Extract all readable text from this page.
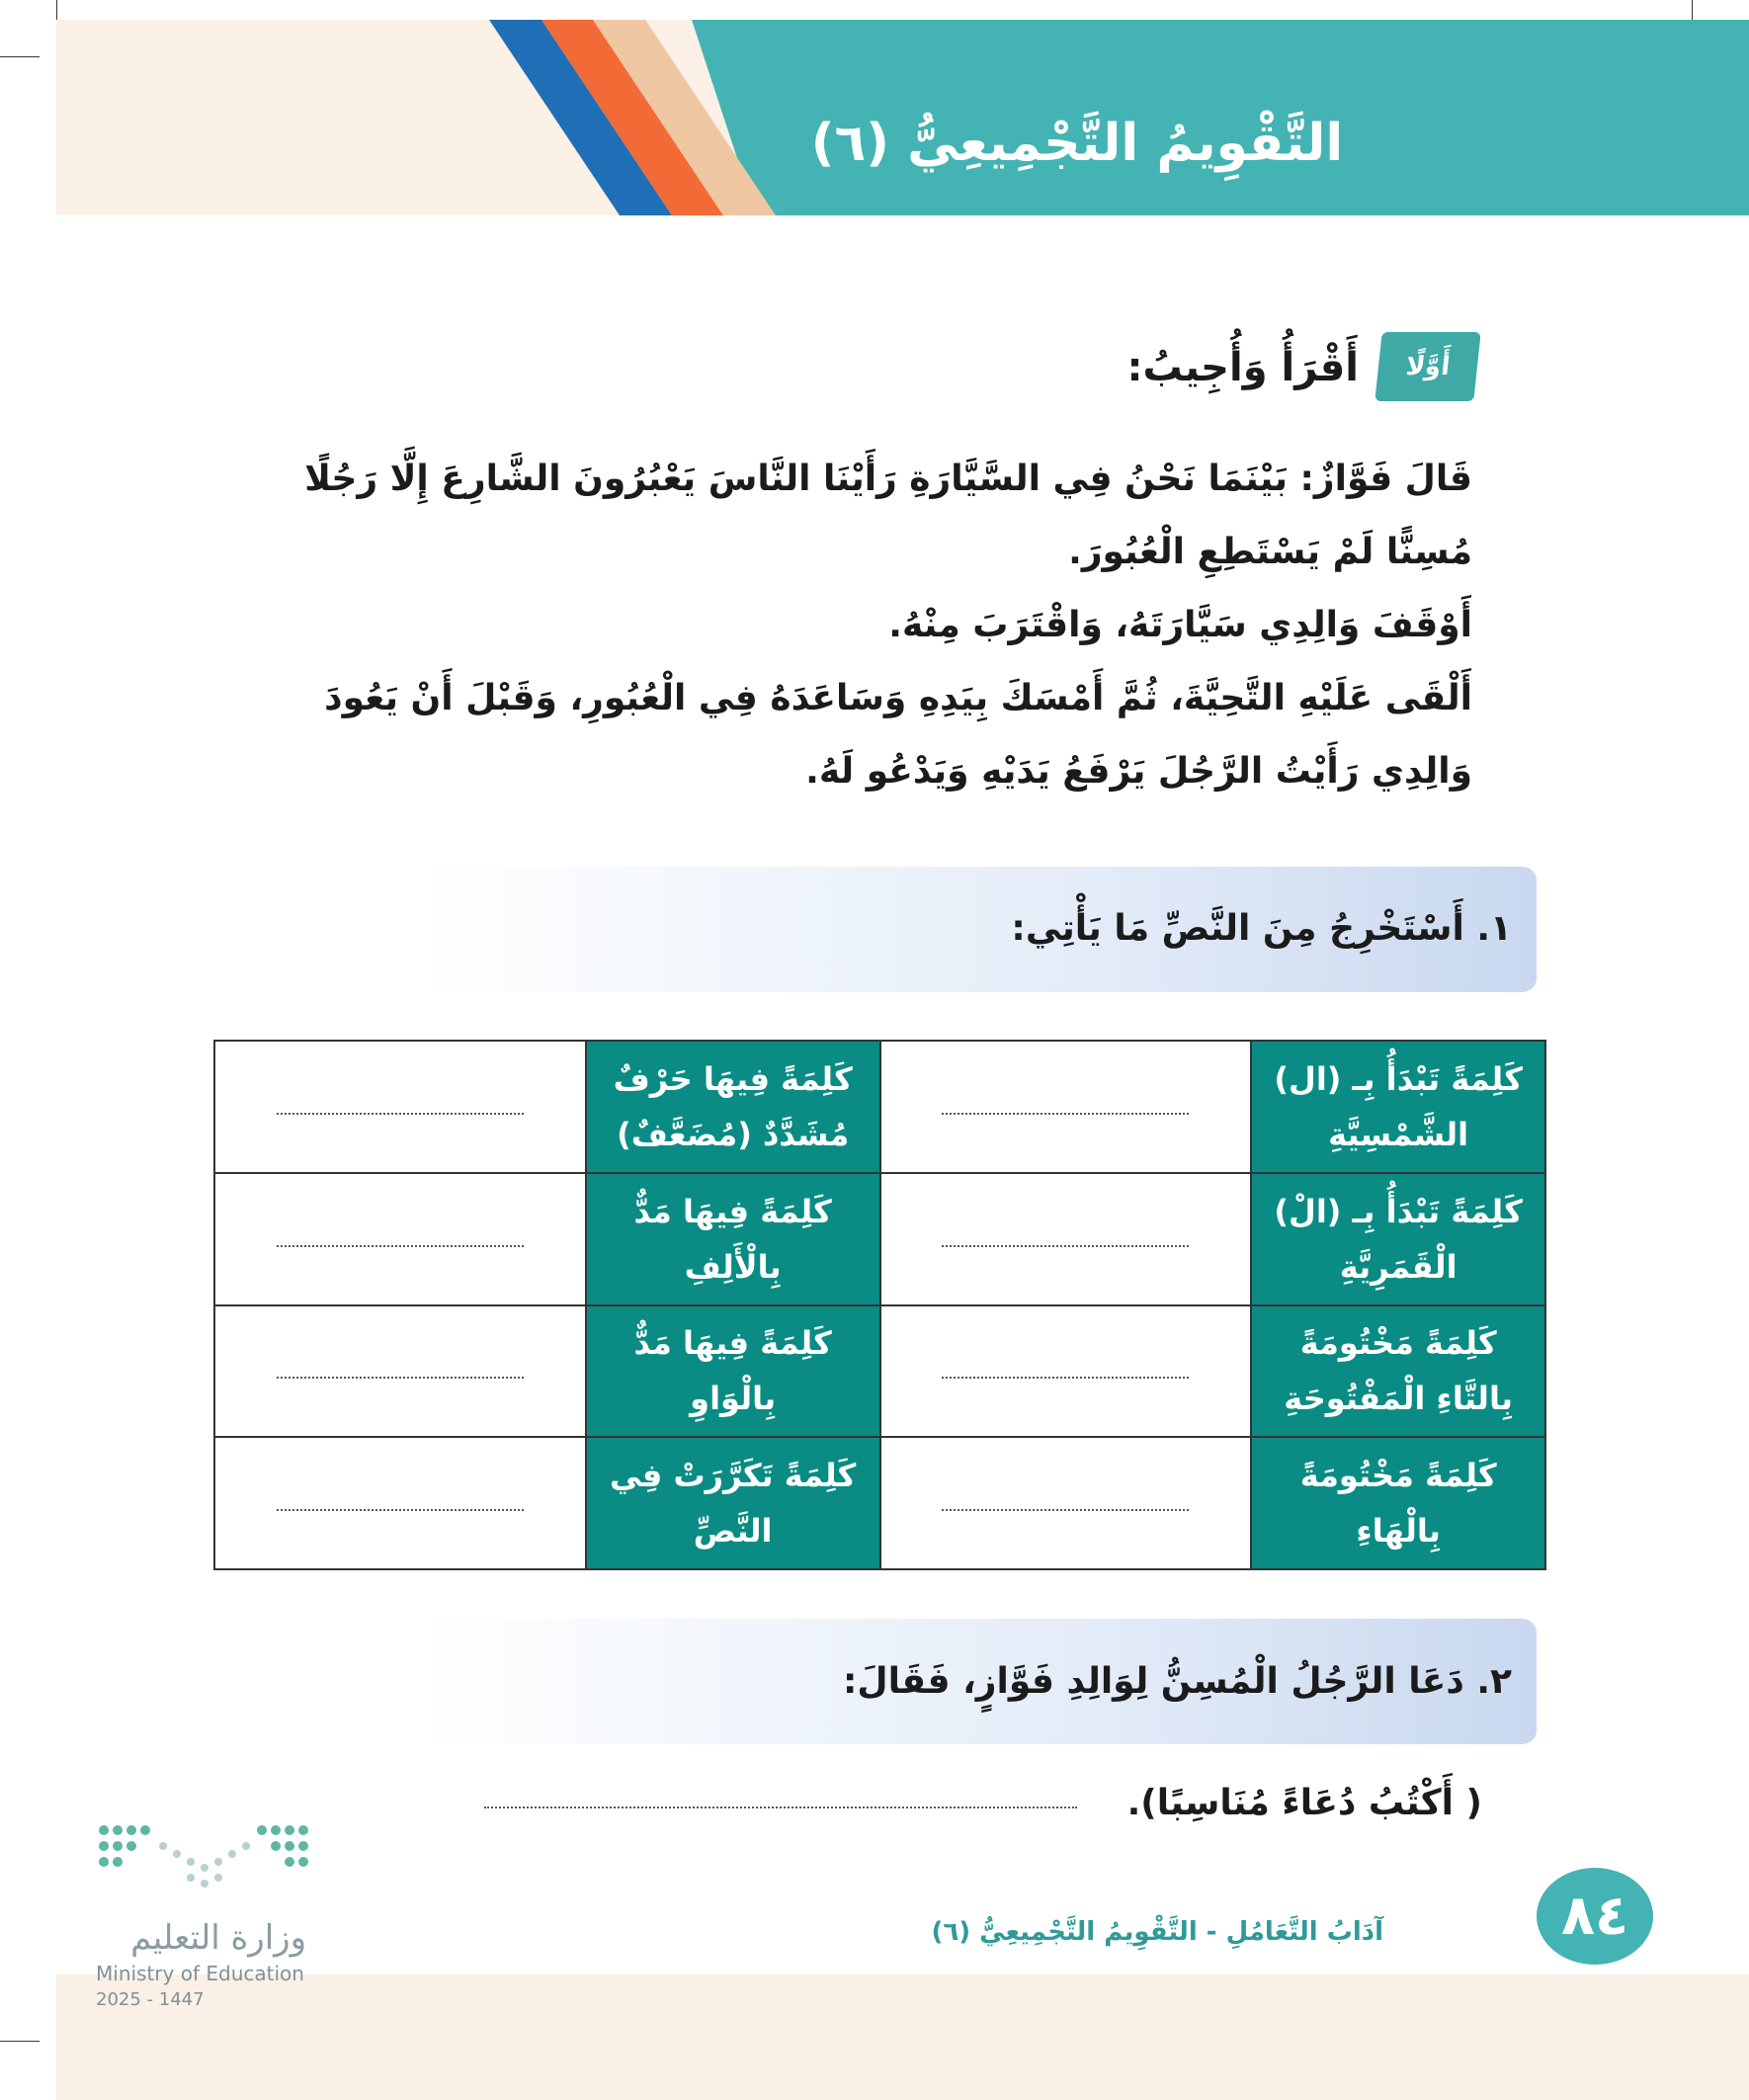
التَّقْوِيمُ التَّجْمِيعِيُّ (٦)
أَوَّلًا
أَقْرَأُ وَأُجِيبُ:

قَالَ فَوَّازٌ: بَيْنَمَا نَحْنُ فِي السَّيَّارَةِ رَأَيْنَا النَّاسَ يَعْبُرُونَ الشَّارِعَ إِلَّا رَجُلًا مُسِنًّا لَمْ يَسْتَطِعِ الْعُبُورَ.

أَوْقَفَ وَالِدِي سَيَّارَتَهُ، وَاقْتَرَبَ مِنْهُ.

أَلْقَى عَلَيْهِ التَّحِيَّةَ، ثُمَّ أَمْسَكَ بِيَدِهِ وَسَاعَدَهُ فِي الْعُبُورِ، وَقَبْلَ أَنْ يَعُودَ وَالِدِي رَأَيْتُ الرَّجُلَ يَرْفَعُ يَدَيْهِ وَيَدْعُو لَهُ.

١. أَسْتَخْرِجُ مِنَ النَّصِّ مَا يَأْتِي:
كَلِمَةً تَبْدَأُ بِـ (ال) الشَّمْسِيَّةِ		كَلِمَةً فِيهَا حَرْفٌ مُشَدَّدٌ (مُضَعَّفٌ)	
كَلِمَةً تَبْدَأُ بِـ (الْ) الْقَمَرِيَّةِ		كَلِمَةً فِيهَا مَدٌّ بِالْأَلِفِ	
كَلِمَةً مَخْتُومَةً بِالتَّاءِ الْمَفْتُوحَةِ		كَلِمَةً فِيهَا مَدٌّ بِالْوَاوِ	
كَلِمَةً مَخْتُومَةً بِالْهَاءِ		كَلِمَةً تَكَرَّرَتْ فِي النَّصِّ	
٢. دَعَا الرَّجُلُ الْمُسِنُّ لِوَالِدِ فَوَّازٍ، فَقَالَ:
( أَكْتُبُ دُعَاءً مُنَاسِبًا).
وزارة التعليم
Ministry of Education
2025 - 1447
آدَابُ التَّعَامُلِ - التَّقْوِيمُ التَّجْمِيعِيُّ (٦)	٨٤
